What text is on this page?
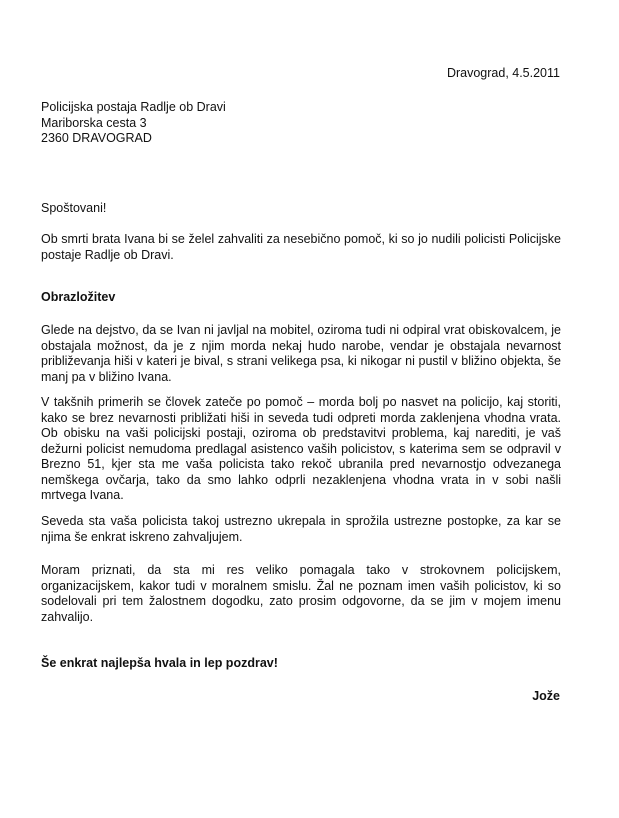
Dravograd, 4.5.2011
Policijska postaja Radlje ob Dravi
Mariborska cesta 3
2360 DRAVOGRAD
Spoštovani!
Ob smrti brata Ivana bi se želel zahvaliti za nesebično pomoč, ki so jo nudili policisti Policijske postaje Radlje ob Dravi.
Obrazložitev
Glede na dejstvo, da se Ivan ni javljal na mobitel, oziroma tudi ni odpiral vrat obiskovalcem, je obstajala možnost, da je z njim morda nekaj hudo narobe, vendar je obstajala nevarnost približevanja hiši v kateri je bival, s strani velikega psa, ki nikogar ni pustil v bližino objekta, še manj pa v bližino Ivana.
V takšnih primerih se človek zateče po pomoč – morda bolj po nasvet na policijo, kaj storiti, kako se brez nevarnosti približati hiši in seveda tudi odpreti morda zaklenjena vhodna vrata. Ob obisku na vaši policijski postaji, oziroma ob predstavitvi problema, kaj narediti, je vaš dežurni policist nemudoma predlagal asistenco vaših policistov, s katerima sem se odpravil v Brezno 51, kjer sta me vaša policista tako rekoč ubranila pred nevarnostjo odvezanega nemškega ovčarja, tako da smo lahko odprli nezaklenjena vhodna vrata in v sobi našli mrtvega Ivana.
Seveda sta vaša policista takoj ustrezno ukrepala in sprožila ustrezne postopke, za kar se njima še enkrat iskreno zahvaljujem.
Moram priznati, da sta mi res veliko pomagala tako v strokovnem policijskem, organizacijskem, kakor tudi v moralnem smislu. Žal ne poznam imen vaših policistov, ki so sodelovali pri tem žalostnem dogodku, zato prosim odgovorne, da se jim v mojem imenu zahvalijo.
Še enkrat najlepša hvala in lep pozdrav!
Jože
